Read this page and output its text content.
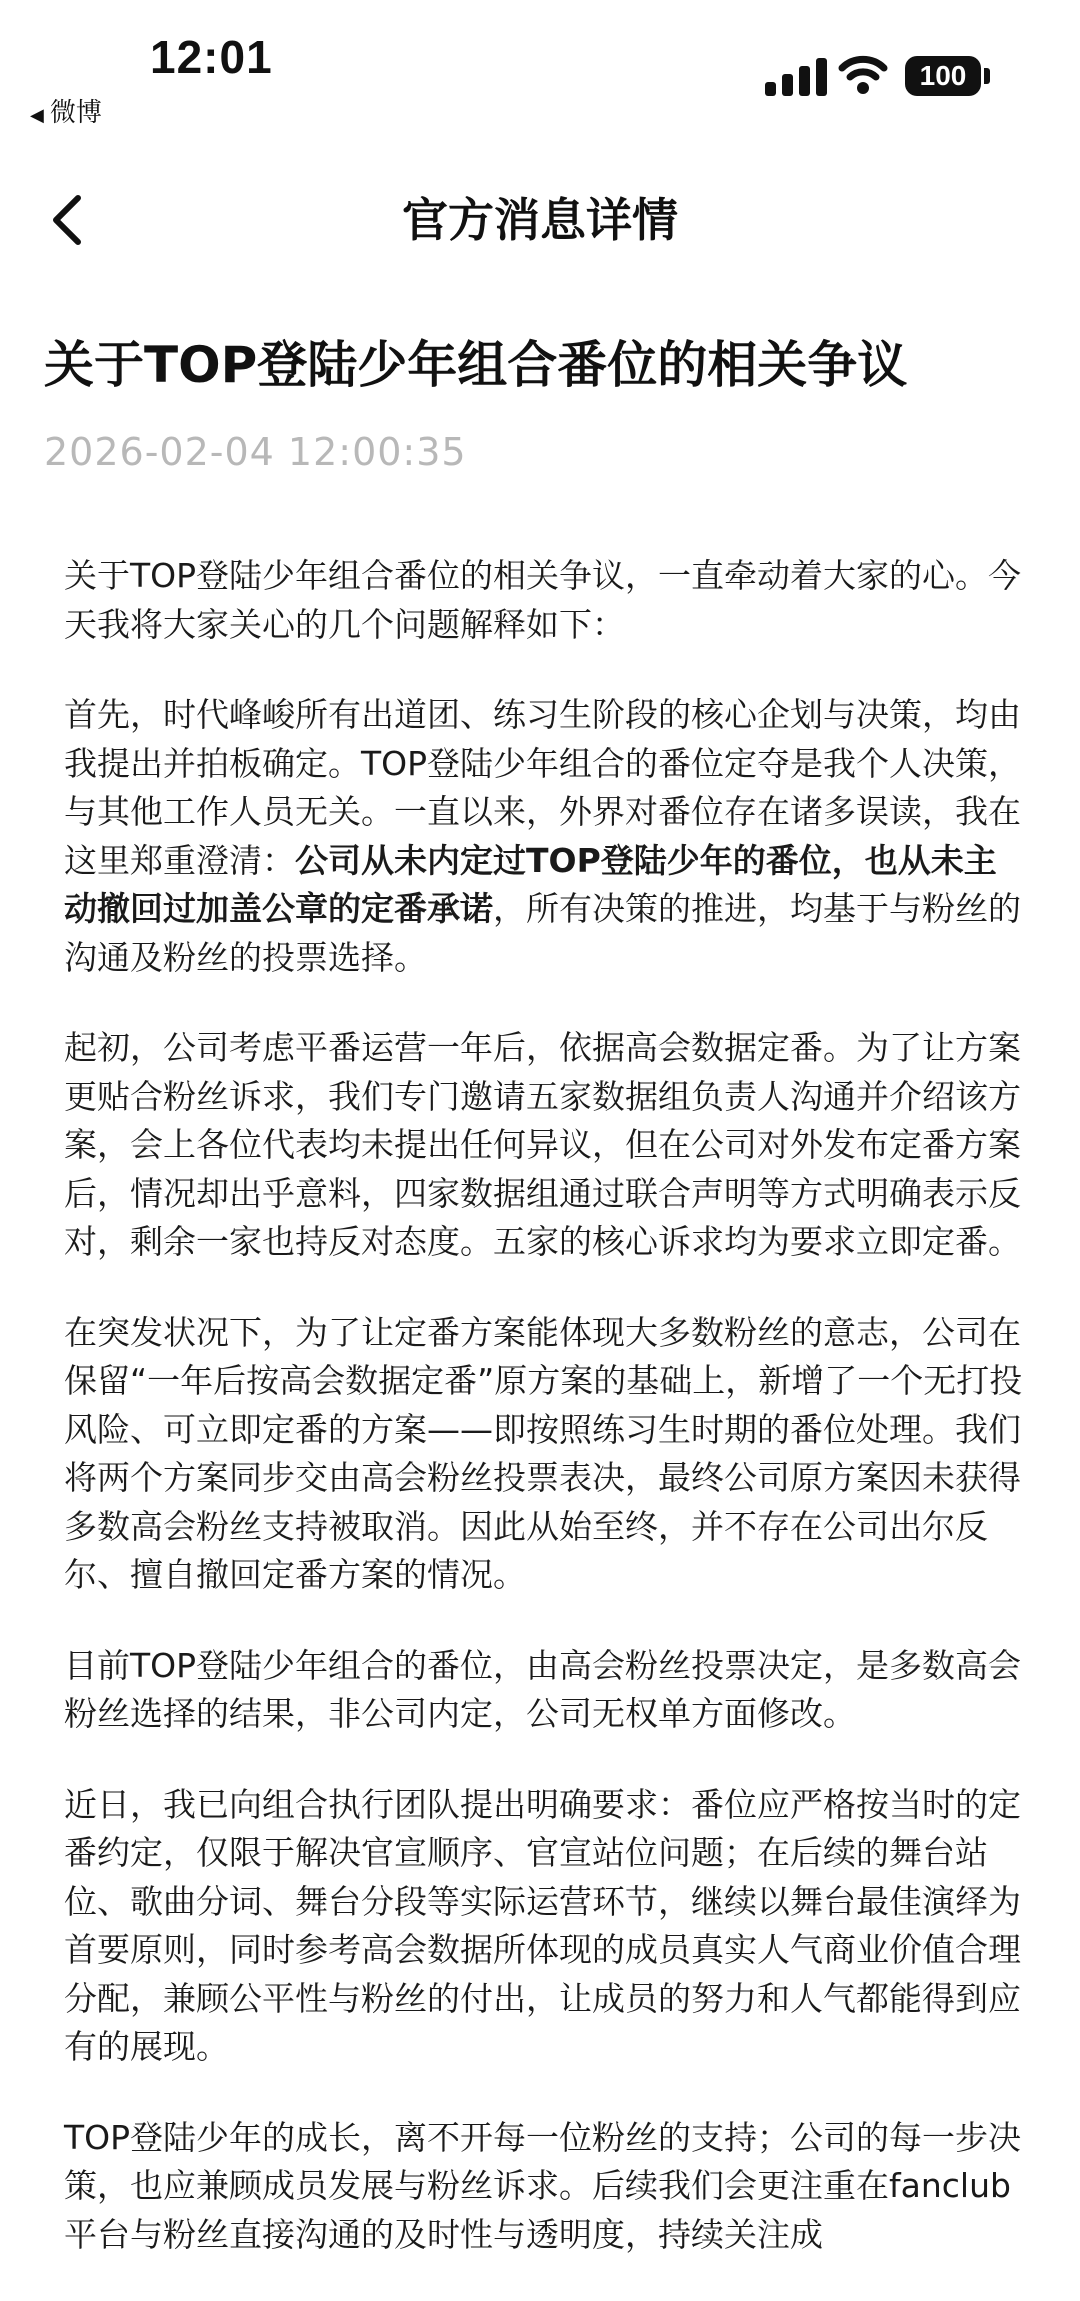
12:01
◀ 微博
100
官方消息详情
关于TOP登陆少年组合番位的相关争议
2026-02-04 12:00:35

关于TOP登陆少年组合番位的相关争议，一直牵动着大家的心。今天我将大家关心的几个问题解释如下：

首先，时代峰峻所有出道团、练习生阶段的核心企划与决策，均由我提出并拍板确定。TOP登陆少年组合的番位定夺是我个人决策，与其他工作人员无关。一直以来，外界对番位存在诸多误读，我在这里郑重澄清：公司从未内定过TOP登陆少年的番位，也从未主动撤回过加盖公章的定番承诺，所有决策的推进，均基于与粉丝的沟通及粉丝的投票选择。

起初，公司考虑平番运营一年后，依据高会数据定番。为了让方案更贴合粉丝诉求，我们专门邀请五家数据组负责人沟通并介绍该方案，会上各位代表均未提出任何异议，但在公司对外发布定番方案后，情况却出乎意料，四家数据组通过联合声明等方式明确表示反对，剩余一家也持反对态度。五家的核心诉求均为要求立即定番。

在突发状况下，为了让定番方案能体现大多数粉丝的意志，公司在保留“一年后按高会数据定番”原方案的基础上，新增了一个无打投风险、可立即定番的方案——即按照练习生时期的番位处理。我们将两个方案同步交由高会粉丝投票表决，最终公司原方案因未获得多数高会粉丝支持被取消。因此从始至终，并不存在公司出尔反尔、擅自撤回定番方案的情况。

目前TOP登陆少年组合的番位，由高会粉丝投票决定，是多数高会粉丝选择的结果，非公司内定，公司无权单方面修改。

近日，我已向组合执行团队提出明确要求：番位应严格按当时的定番约定，仅限于解决官宣顺序、官宣站位问题；在后续的舞台站位、歌曲分词、舞台分段等实际运营环节，继续以舞台最佳演绎为首要原则，同时参考高会数据所体现的成员真实人气商业价值合理分配，兼顾公平性与粉丝的付出，让成员的努力和人气都能得到应有的展现。

TOP登陆少年的成长，离不开每一位粉丝的支持；公司的每一步决策，也应兼顾成员发展与粉丝诉求。后续我们会更注重在fanclub平台与粉丝直接沟通的及时性与透明度，持续关注成
